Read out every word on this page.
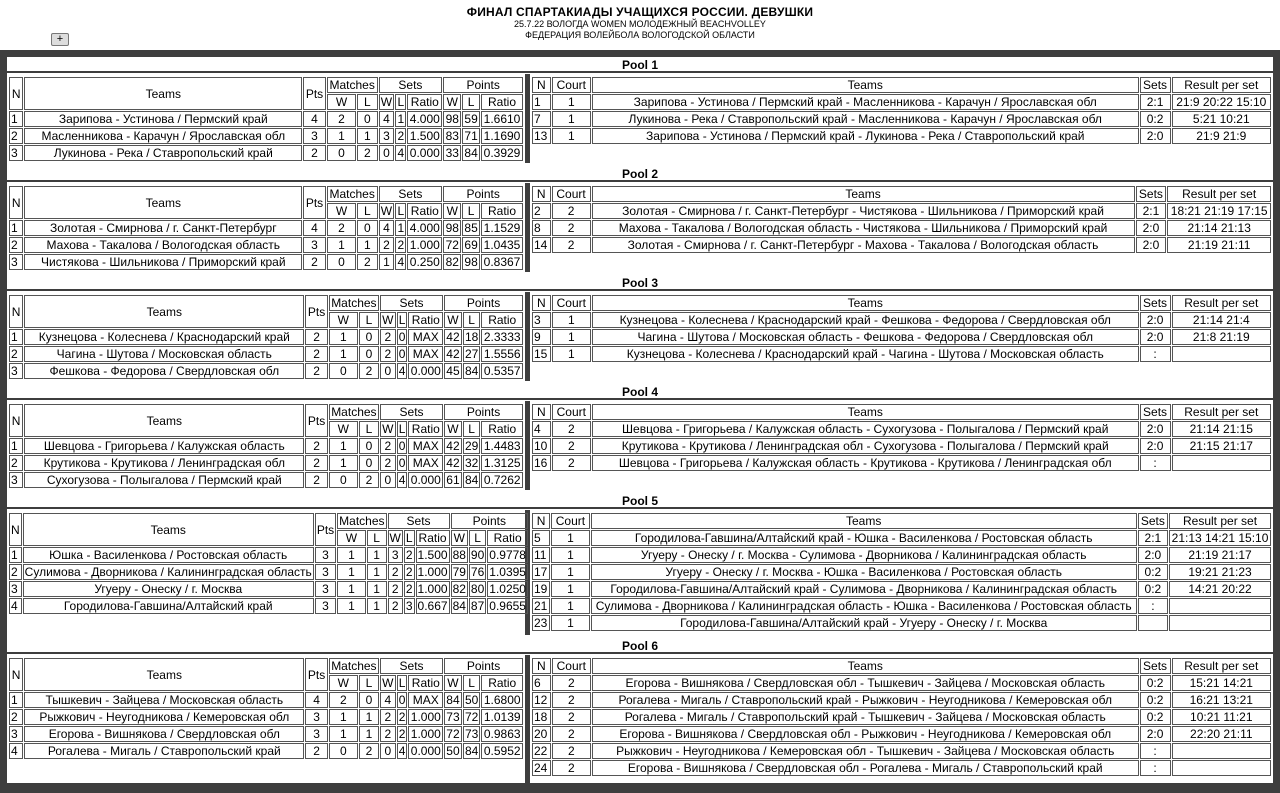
ФИНАЛ СПАРТАКИАДЫ УЧАЩИХСЯ РОССИИ. ДЕВУШКИ
25.7.22 ВОЛОГДА WOMEN МОЛОДЕЖНЫЙ BEACHVOLLEY
ФЕДЕРАЦИЯ ВОЛЕЙБОЛА ВОЛОГОДСКОЙ ОБЛАСТИ
+
Pool 1
N	Teams	Pts	Matches		Sets			Points		
			W	L	W	L	Ratio	W	L	Ratio
1	Зарипова - Устинова / Пермский край	4	2	0	4	1	4.000	98	59	1.6610
2	Масленникова - Карачун / Ярославская обл	3	1	1	3	2	1.500	83	71	1.1690
3	Лукинова - Река / Ставропольский край	2	0	2	0	4	0.000	33	84	0.3929
N	Court	Teams	Sets	Result per set
1	1	Зарипова - Устинова / Пермский край - Масленникова - Карачун / Ярославская обл	2:1	21:9 20:22 15:10
7	1	Лукинова - Река / Ставропольский край - Масленникова - Карачун / Ярославская обл	0:2	5:21 10:21
13	1	Зарипова - Устинова / Пермский край - Лукинова - Река / Ставропольский край	2:0	21:9 21:9
Pool 2
N	Teams	Pts	Matches		Sets			Points		
			W	L	W	L	Ratio	W	L	Ratio
1	Золотая - Смирнова / г. Санкт-Петербург	4	2	0	4	1	4.000	98	85	1.1529
2	Махова - Такалова / Вологодская область	3	1	1	2	2	1.000	72	69	1.0435
3	Чистякова - Шильникова / Приморский край	2	0	2	1	4	0.250	82	98	0.8367
N	Court	Teams	Sets	Result per set
2	2	Золотая - Смирнова / г. Санкт-Петербург - Чистякова - Шильникова / Приморский край	2:1	18:21 21:19 17:15
8	2	Махова - Такалова / Вологодская область - Чистякова - Шильникова / Приморский край	2:0	21:14 21:13
14	2	Золотая - Смирнова / г. Санкт-Петербург - Махова - Такалова / Вологодская область	2:0	21:19 21:11
Pool 3
N	Teams	Pts	Matches		Sets			Points		
			W	L	W	L	Ratio	W	L	Ratio
1	Кузнецова - Колеснева / Краснодарский край	2	1	0	2	0	MAX	42	18	2.3333
2	Чагина - Шутова / Московская область	2	1	0	2	0	MAX	42	27	1.5556
3	Фешкова - Федорова / Свердловская обл	2	0	2	0	4	0.000	45	84	0.5357
N	Court	Teams	Sets	Result per set
3	1	Кузнецова - Колеснева / Краснодарский край - Фешкова - Федорова / Свердловская обл	2:0	21:14 21:4
9	1	Чагина - Шутова / Московская область - Фешкова - Федорова / Свердловская обл	2:0	21:8 21:19
15	1	Кузнецова - Колеснева / Краснодарский край - Чагина - Шутова / Московская область	:	
Pool 4
N	Teams	Pts	Matches		Sets			Points		
			W	L	W	L	Ratio	W	L	Ratio
1	Шевцова - Григорьева / Калужская область	2	1	0	2	0	MAX	42	29	1.4483
2	Крутикова - Крутикова / Ленинградская обл	2	1	0	2	0	MAX	42	32	1.3125
3	Сухогузова - Полыгалова / Пермский край	2	0	2	0	4	0.000	61	84	0.7262
N	Court	Teams	Sets	Result per set
4	2	Шевцова - Григорьева / Калужская область - Сухогузова - Полыгалова / Пермский край	2:0	21:14 21:15
10	2	Крутикова - Крутикова / Ленинградская обл - Сухогузова - Полыгалова / Пермский край	2:0	21:15 21:17
16	2	Шевцова - Григорьева / Калужская область - Крутикова - Крутикова / Ленинградская обл	:	
Pool 5
N	Teams	Pts	Matches		Sets			Points		
			W	L	W	L	Ratio	W	L	Ratio
1	Юшка - Василенкова / Ростовская область	3	1	1	3	2	1.500	88	90	0.9778
2	Сулимова - Дворникова / Калининградская область	3	1	1	2	2	1.000	79	76	1.0395
3	Угуеру - Онеску / г. Москва	3	1	1	2	2	1.000	82	80	1.0250
4	Городилова-Гавшина/Алтайский край	3	1	1	2	3	0.667	84	87	0.9655
N	Court	Teams	Sets	Result per set
5	1	Городилова-Гавшина/Алтайский край - Юшка - Василенкова / Ростовская область	2:1	21:13 14:21 15:10
11	1	Угуеру - Онеску / г. Москва - Сулимова - Дворникова / Калининградская область	2:0	21:19 21:17
17	1	Угуеру - Онеску / г. Москва - Юшка - Василенкова / Ростовская область	0:2	19:21 21:23
19	1	Городилова-Гавшина/Алтайский край - Сулимова - Дворникова / Калининградская область	0:2	14:21 20:22
21	1	Сулимова - Дворникова / Калининградская область - Юшка - Василенкова / Ростовская область	:	
23	1	Городилова-Гавшина/Алтайский край - Угуеру - Онеску / г. Москва		
Pool 6
N	Teams	Pts	Matches		Sets			Points		
			W	L	W	L	Ratio	W	L	Ratio
1	Тышкевич - Зайцева / Московская область	4	2	0	4	0	MAX	84	50	1.6800
2	Рыжкович - Неугодникова / Кемеровская обл	3	1	1	2	2	1.000	73	72	1.0139
3	Егорова - Вишнякова / Свердловская обл	3	1	1	2	2	1.000	72	73	0.9863
4	Рогалева - Мигаль / Ставропольский край	2	0	2	0	4	0.000	50	84	0.5952
N	Court	Teams	Sets	Result per set
6	2	Егорова - Вишнякова / Свердловская обл - Тышкевич - Зайцева / Московская область	0:2	15:21 14:21
12	2	Рогалева - Мигаль / Ставропольский край - Рыжкович - Неугодникова / Кемеровская обл	0:2	16:21 13:21
18	2	Рогалева - Мигаль / Ставропольский край - Тышкевич - Зайцева / Московская область	0:2	10:21 11:21
20	2	Егорова - Вишнякова / Свердловская обл - Рыжкович - Неугодникова / Кемеровская обл	2:0	22:20 21:11
22	2	Рыжкович - Неугодникова / Кемеровская обл - Тышкевич - Зайцева / Московская область	:	
24	2	Егорова - Вишнякова / Свердловская обл - Рогалева - Мигаль / Ставропольский край	:	
